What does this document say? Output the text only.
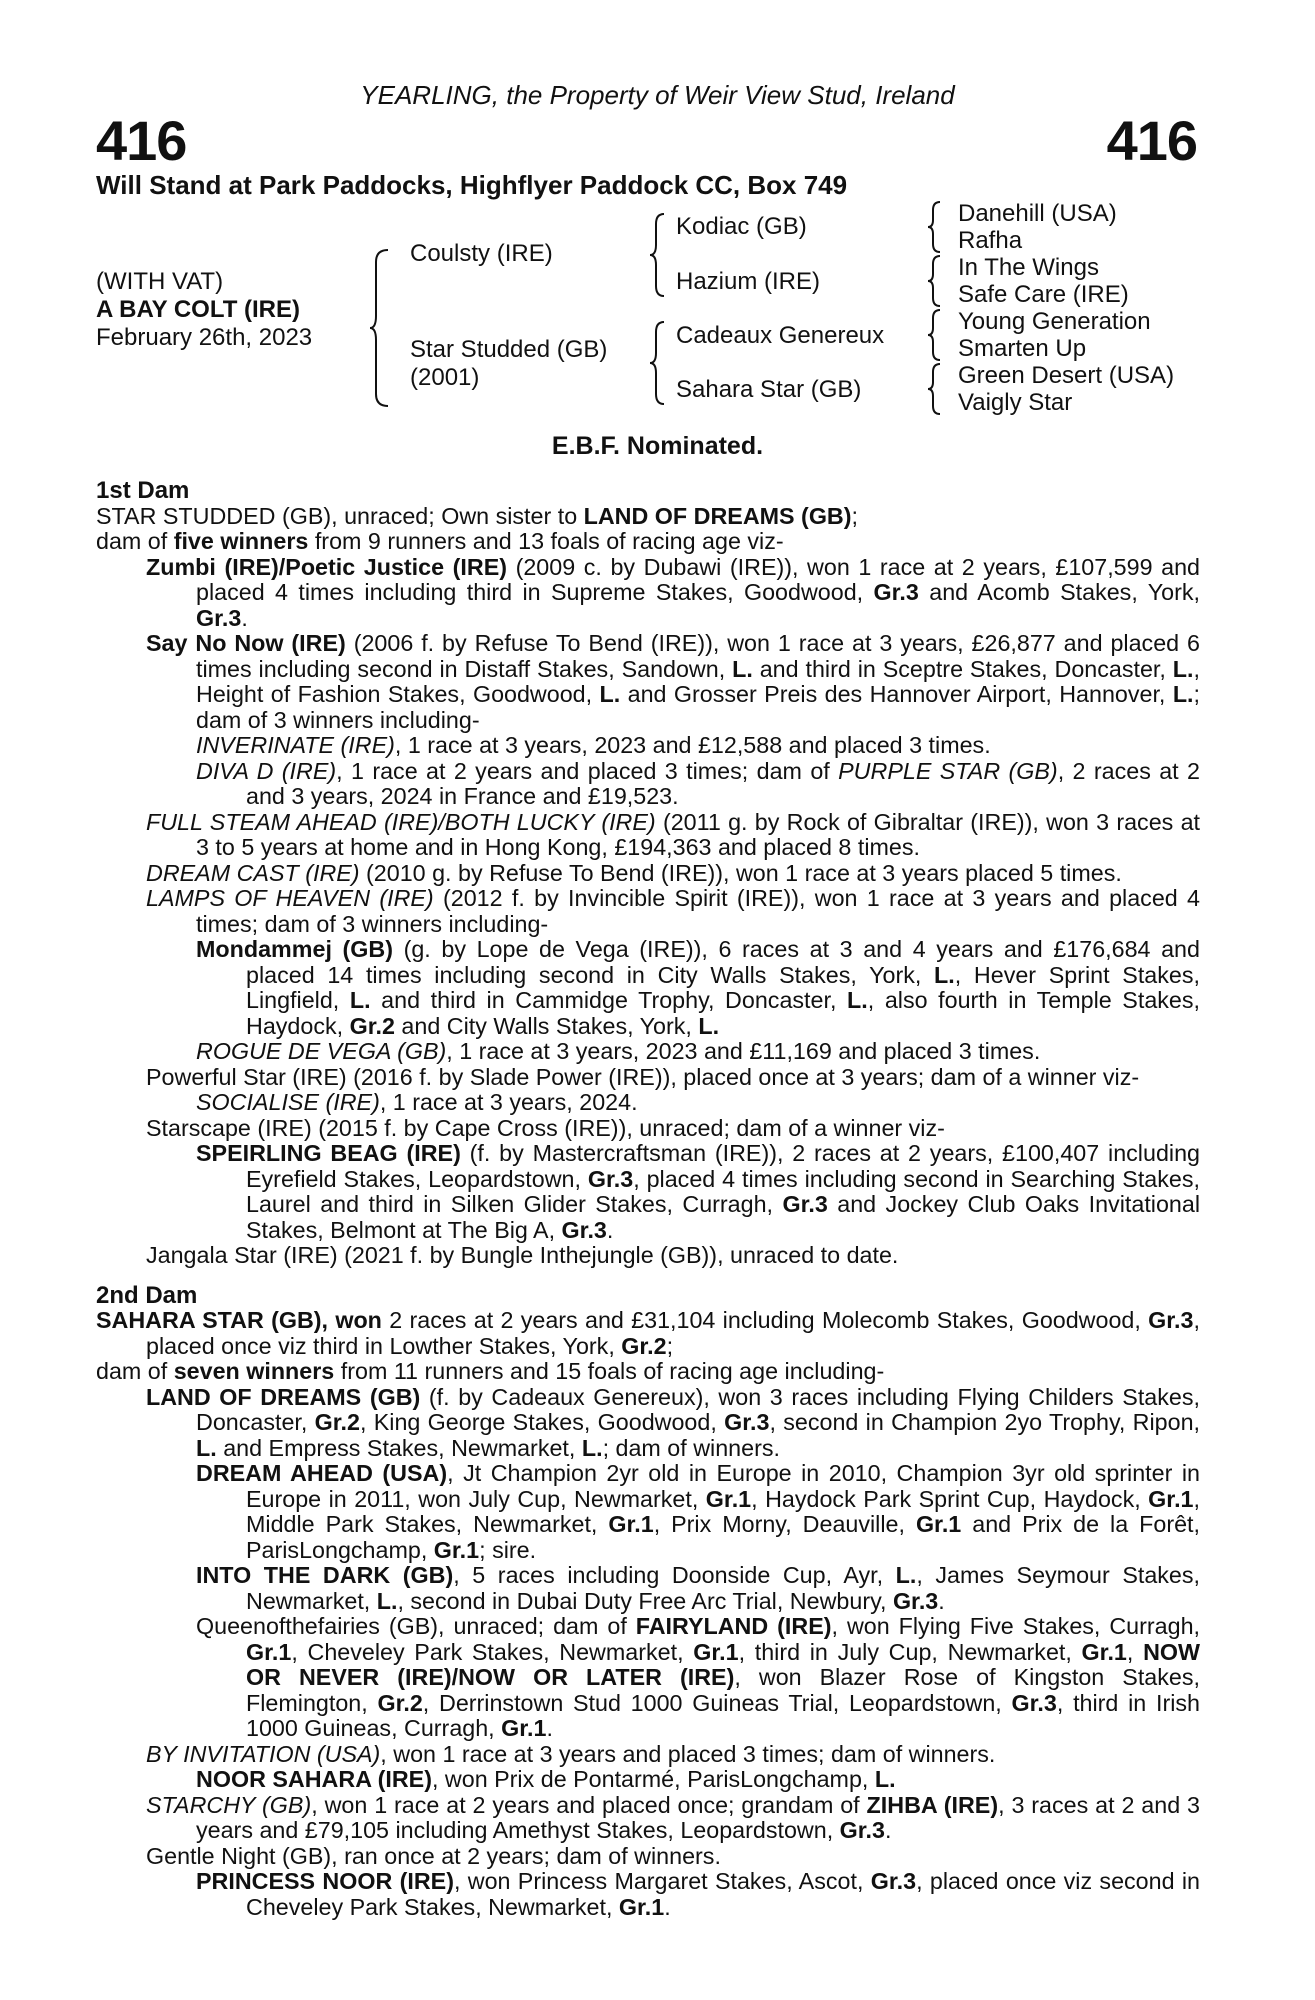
YEARLING, the Property of Weir View Stud, Ireland
416	416
Will Stand at Park Paddocks, Highflyer Paddock CC, Box 749
(WITH VAT)
A BAY COLT (IRE)
February 26th, 2023
Coulsty (IRE)
Star Studded (GB)
(2001)
Kodiac (GB)
Hazium (IRE)
Cadeaux Genereux
Sahara Star (GB)
Danehill (USA)
Rafha
In The Wings
Safe Care (IRE)
Young Generation
Smarten Up
Green Desert (USA)
Vaigly Star
E.B.F. Nominated.

1st Dam

STAR STUDDED (GB), unraced; Own sister to LAND OF DREAMS (GB);

dam of five winners from 9 runners and 13 foals of racing age viz-

Zumbi (IRE)/Poetic Justice (IRE) (2009 c. by Dubawi (IRE)), won 1 race at 2 years, £107,599 and placed 4 times including third in Supreme Stakes, Goodwood, Gr.3 and Acomb Stakes, York, Gr.3.

Say No Now (IRE) (2006 f. by Refuse To Bend (IRE)), won 1 race at 3 years, £26,877 and placed 6 times including second in Distaff Stakes, Sandown, L. and third in Sceptre Stakes, Doncaster, L., Height of Fashion Stakes, Goodwood, L. and Grosser Preis des Hannover Airport, Hannover, L.; dam of 3 winners including-

INVERINATE (IRE), 1 race at 3 years, 2023 and £12,588 and placed 3 times.

DIVA D (IRE), 1 race at 2 years and placed 3 times; dam of PURPLE STAR (GB), 2 races at 2 and 3 years, 2024 in France and £19,523.

FULL STEAM AHEAD (IRE)/BOTH LUCKY (IRE) (2011 g. by Rock of Gibraltar (IRE)), won 3 races at 3 to 5 years at home and in Hong Kong, £194,363 and placed 8 times.

DREAM CAST (IRE) (2010 g. by Refuse To Bend (IRE)), won 1 race at 3 years placed 5 times.

LAMPS OF HEAVEN (IRE) (2012 f. by Invincible Spirit (IRE)), won 1 race at 3 years and placed 4 times; dam of 3 winners including-

Mondammej (GB) (g. by Lope de Vega (IRE)), 6 races at 3 and 4 years and £176,684 and placed 14 times including second in City Walls Stakes, York, L., Hever Sprint Stakes, Lingfield, L. and third in Cammidge Trophy, Doncaster, L., also fourth in Temple Stakes, Haydock, Gr.2 and City Walls Stakes, York, L.

ROGUE DE VEGA (GB), 1 race at 3 years, 2023 and £11,169 and placed 3 times.

Powerful Star (IRE) (2016 f. by Slade Power (IRE)), placed once at 3 years; dam of a winner viz-

SOCIALISE (IRE), 1 race at 3 years, 2024.

Starscape (IRE) (2015 f. by Cape Cross (IRE)), unraced; dam of a winner viz-

SPEIRLING BEAG (IRE) (f. by Mastercraftsman (IRE)), 2 races at 2 years, £100,407 including Eyrefield Stakes, Leopardstown, Gr.3, placed 4 times including second in Searching Stakes, Laurel and third in Silken Glider Stakes, Curragh, Gr.3 and Jockey Club Oaks Invitational Stakes, Belmont at The Big A, Gr.3.

Jangala Star (IRE) (2021 f. by Bungle Inthejungle (GB)), unraced to date.

2nd Dam

SAHARA STAR (GB), won 2 races at 2 years and £31,104 including Molecomb Stakes, Goodwood, Gr.3, placed once viz third in Lowther Stakes, York, Gr.2;

dam of seven winners from 11 runners and 15 foals of racing age including-

LAND OF DREAMS (GB) (f. by Cadeaux Genereux), won 3 races including Flying Childers Stakes, Doncaster, Gr.2, King George Stakes, Goodwood, Gr.3, second in Champion 2yo Trophy, Ripon, L. and Empress Stakes, Newmarket, L.; dam of winners.

DREAM AHEAD (USA), Jt Champion 2yr old in Europe in 2010, Champion 3yr old sprinter in Europe in 2011, won July Cup, Newmarket, Gr.1, Haydock Park Sprint Cup, Haydock, Gr.1, Middle Park Stakes, Newmarket, Gr.1, Prix Morny, Deauville, Gr.1 and Prix de la Forêt, ParisLongchamp, Gr.1; sire.

INTO THE DARK (GB), 5 races including Doonside Cup, Ayr, L., James Seymour Stakes, Newmarket, L., second in Dubai Duty Free Arc Trial, Newbury, Gr.3.

Queenofthefairies (GB), unraced; dam of FAIRYLAND (IRE), won Flying Five Stakes, Curragh, Gr.1, Cheveley Park Stakes, Newmarket, Gr.1, third in July Cup, Newmarket, Gr.1, NOW OR NEVER (IRE)/NOW OR LATER (IRE), won Blazer Rose of Kingston Stakes, Flemington, Gr.2, Derrinstown Stud 1000 Guineas Trial, Leopardstown, Gr.3, third in Irish 1000 Guineas, Curragh, Gr.1.

BY INVITATION (USA), won 1 race at 3 years and placed 3 times; dam of winners.

NOOR SAHARA (IRE), won Prix de Pontarmé, ParisLongchamp, L.

STARCHY (GB), won 1 race at 2 years and placed once; grandam of ZIHBA (IRE), 3 races at 2 and 3 years and £79,105 including Amethyst Stakes, Leopardstown, Gr.3.

Gentle Night (GB), ran once at 2 years; dam of winners.

PRINCESS NOOR (IRE), won Princess Margaret Stakes, Ascot, Gr.3, placed once viz second in Cheveley Park Stakes, Newmarket, Gr.1.
